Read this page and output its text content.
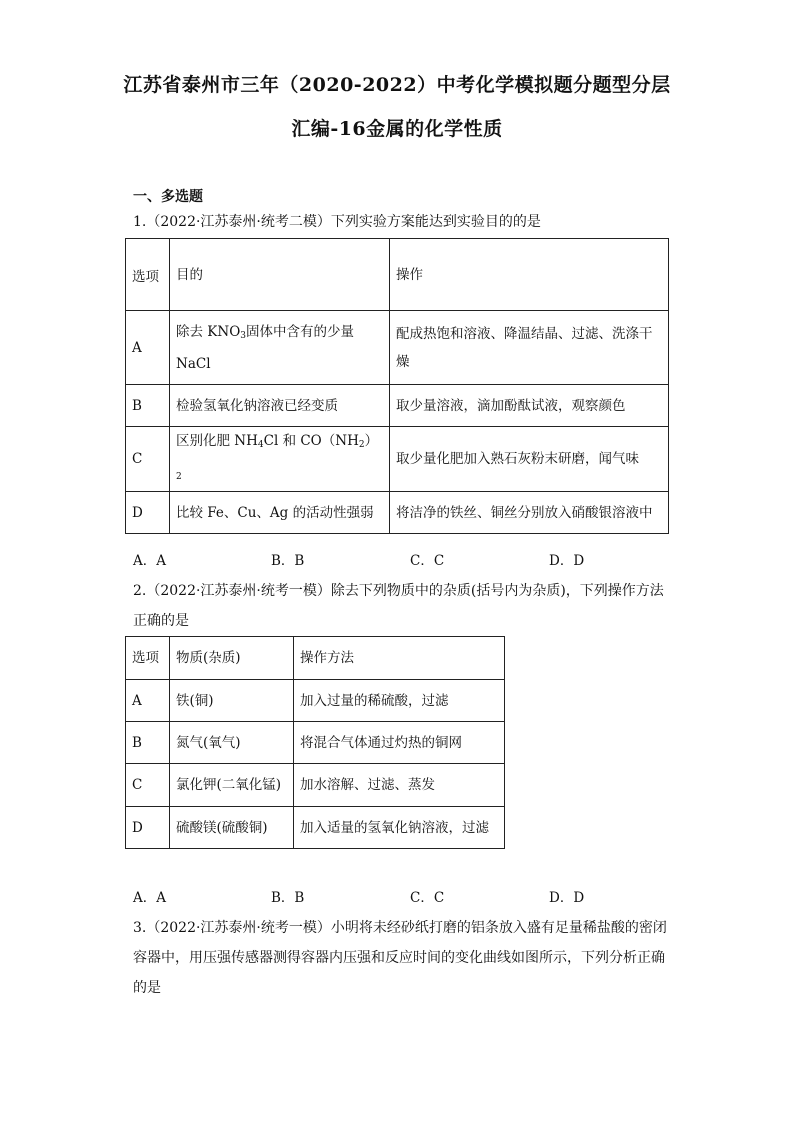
江苏省泰州市三年（2020-2022）中考化学模拟题分题型分层
汇编-16金属的化学性质
一、多选题
1.（2022·江苏泰州·统考二模）下列实验方案能达到实验目的的是
选项	目的	操作
A	除去 $KNO_3$固体中含有的少量 NaCl	配成热饱和溶液、降温结晶、过滤、洗涤干燥
B	检验氢氧化钠溶液已经变质	取少量溶液，滴加酚酞试液，观察颜色
C	区别化肥 $NH_4Cl$ 和 $CO(NH_2)_2$	取少量化肥加入熟石灰粉末研磨，闻气味
D	比较 Fe、Cu、Ag 的活动性强弱	将洁净的铁丝、铜丝分别放入硝酸银溶液中
A．A	B．B	C．C	D．D
2.（2022·江苏泰州·统考一模）除去下列物质中的杂质(括号内为杂质)，下列操作方法正确的是
选项	物质(杂质)	操作方法
A	铁(铜)	加入过量的稀硫酸，过滤
B	氮气(氧气)	将混合气体通过灼热的铜网
C	氯化钾(二氧化锰)	加水溶解、过滤、蒸发
D	硫酸镁(硫酸铜)	加入适量的氢氧化钠溶液，过滤
A．A	B．B	C．C	D．D
3.（2022·江苏泰州·统考一模）小明将未经砂纸打磨的铝条放入盛有足量稀盐酸的密闭容器中，用压强传感器测得容器内压强和反应时间的变化曲线如图所示，下列分析正确的是
